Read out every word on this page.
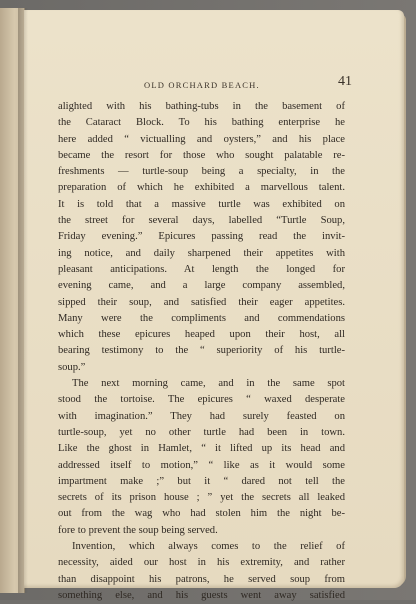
OLD ORCHARD BEACH.	41
alighted with his bathing-tubs in the basement of
the Cataract Block. To his bathing enterprise he
here added “ victualling and oysters,” and his place
became the resort for those who sought palatable re-
freshments — turtle-soup being a specialty, in the
preparation of which he exhibited a marvellous talent.
It is told that a massive turtle was exhibited on
the street for several days, labelled “Turtle Soup,
Friday evening.” Epicures passing read the invit-
ing notice, and daily sharpened their appetites with
pleasant anticipations. At length the longed for
evening came, and a large company assembled,
sipped their soup, and satisfied their eager appetites.
Many were the compliments and commendations
which these epicures heaped upon their host, all
bearing testimony to the “ superiority of his turtle-
soup.”
The next morning came, and in the same spot
stood the tortoise. The epicures “ waxed desperate
with imagination.” They had surely feasted on
turtle-soup, yet no other turtle had been in town.
Like the ghost in Hamlet, “ it lifted up its head and
addressed itself to motion,” “ like as it would some
impartment make ;” but it “ dared not tell the
secrets of its prison house ; ” yet the secrets all leaked
out from the wag who had stolen him the night be-
fore to prevent the soup being served.
Invention, which always comes to the relief of
necessity, aided our host in his extremity, and rather
than disappoint his patrons, he served soup from
something else, and his guests went away satisfied
